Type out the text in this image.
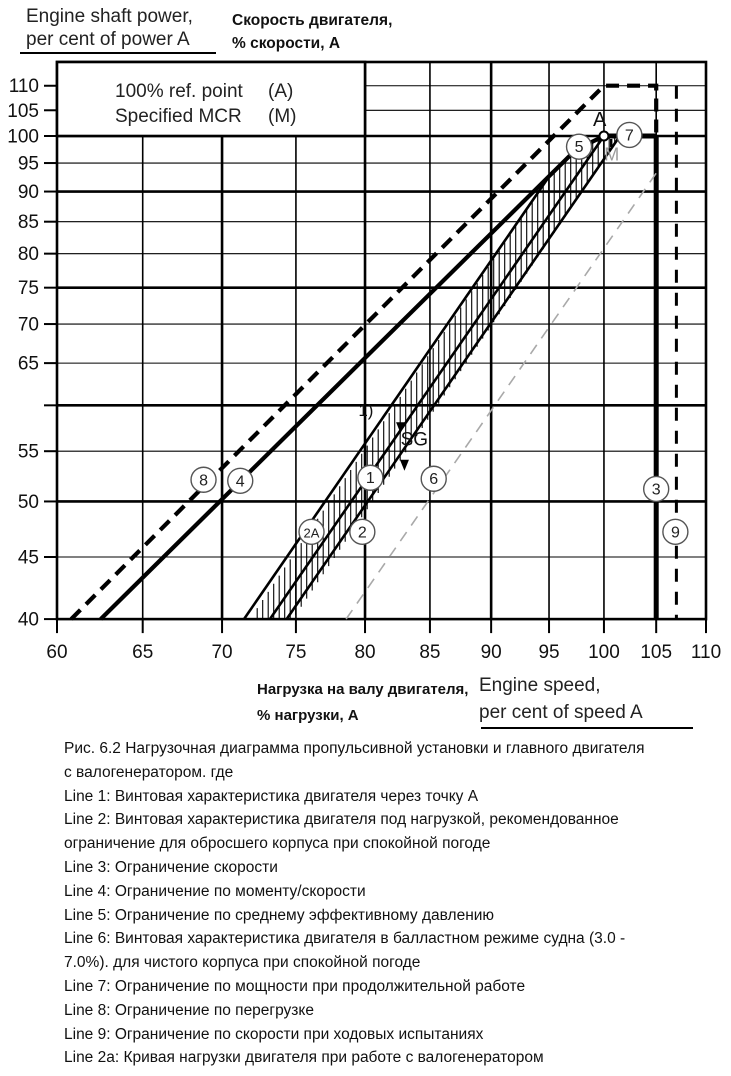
Engine shaft power,
per cent of power A
Скорость двигателя,
% скорости, А
60	65	70	75	80 85 90 95 100 105 110
110
105
100
95
90
85
80
75
70
65
55
50
45
40
100% ref. point (A)
Specified MCR (M)	A
M
1)
SG
8 4
2A 2
1	6
5
7
3
9
Нагрузка на валу двигателя,
% нагрузки, А
Engine speed,
per cent of speed A
Рис. 6.2 Нагрузочная диаграмма пропульсивной установки и главного двигателя
с валогенератором. где
Line 1: Винтовая характеристика двигателя через точку А
Line 2: Винтовая характеристика двигателя под нагрузкой, рекомендованное
ограничение для обросшего корпуса при спокойной погоде
Line 3: Ограничение скорости
Line 4: Ограничение по моменту/скорости
Line 5: Ограничение по среднему эффективному давлению
Line 6: Винтовая характеристика двигателя в балластном режиме судна (3.0 -
7.0%). для чистого корпуса при спокойной погоде
Line 7: Ограничение по мощности при продолжительной работе
Line 8: Ограничение по перегрузке
Line 9: Ограничение по скорости при ходовых испытаниях
Line 2a: Кривая нагрузки двигателя при работе с валогенератором
